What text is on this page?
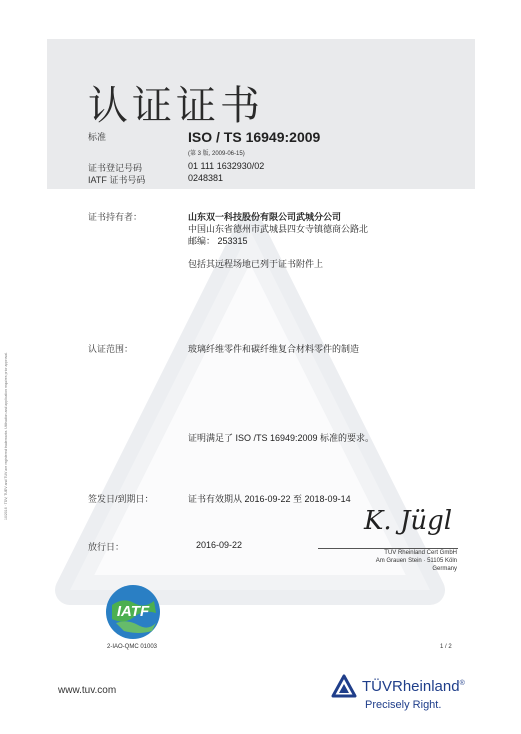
认证证书
标准	ISO / TS 16949:2009
(第 3 版, 2009-06-15)
证书登记号码	01 111 1632930/02
IATF 证书号码	0248381
证书持有者：	山东双一科技股份有限公司武城分公司
中国山东省德州市武城县四女寺镇德商公路北
邮编： 253315
包括其远程场地已列于证书附件上
认证范围：	玻璃纤维零件和碳纤维复合材料零件的制造
证明满足了 ISO /TS 16949:2009 标准的要求。
签发日/到期日：	证书有效期从 2016-09-22 至 2018-09-14
K. Jügl
放行日：	2016-09-22
TÜV Rheinland Cert GmbH
Am Grauen Stein · 51105 Köln
Germany
IATF
2-IAO-QMC 01003	1 / 2
10/2016 · TÜV, TUEV and TUV are registered trademarks. Utilisation and application requires prior approval.
www.tuv.com	TÜVRheinland®
Precisely Right.
